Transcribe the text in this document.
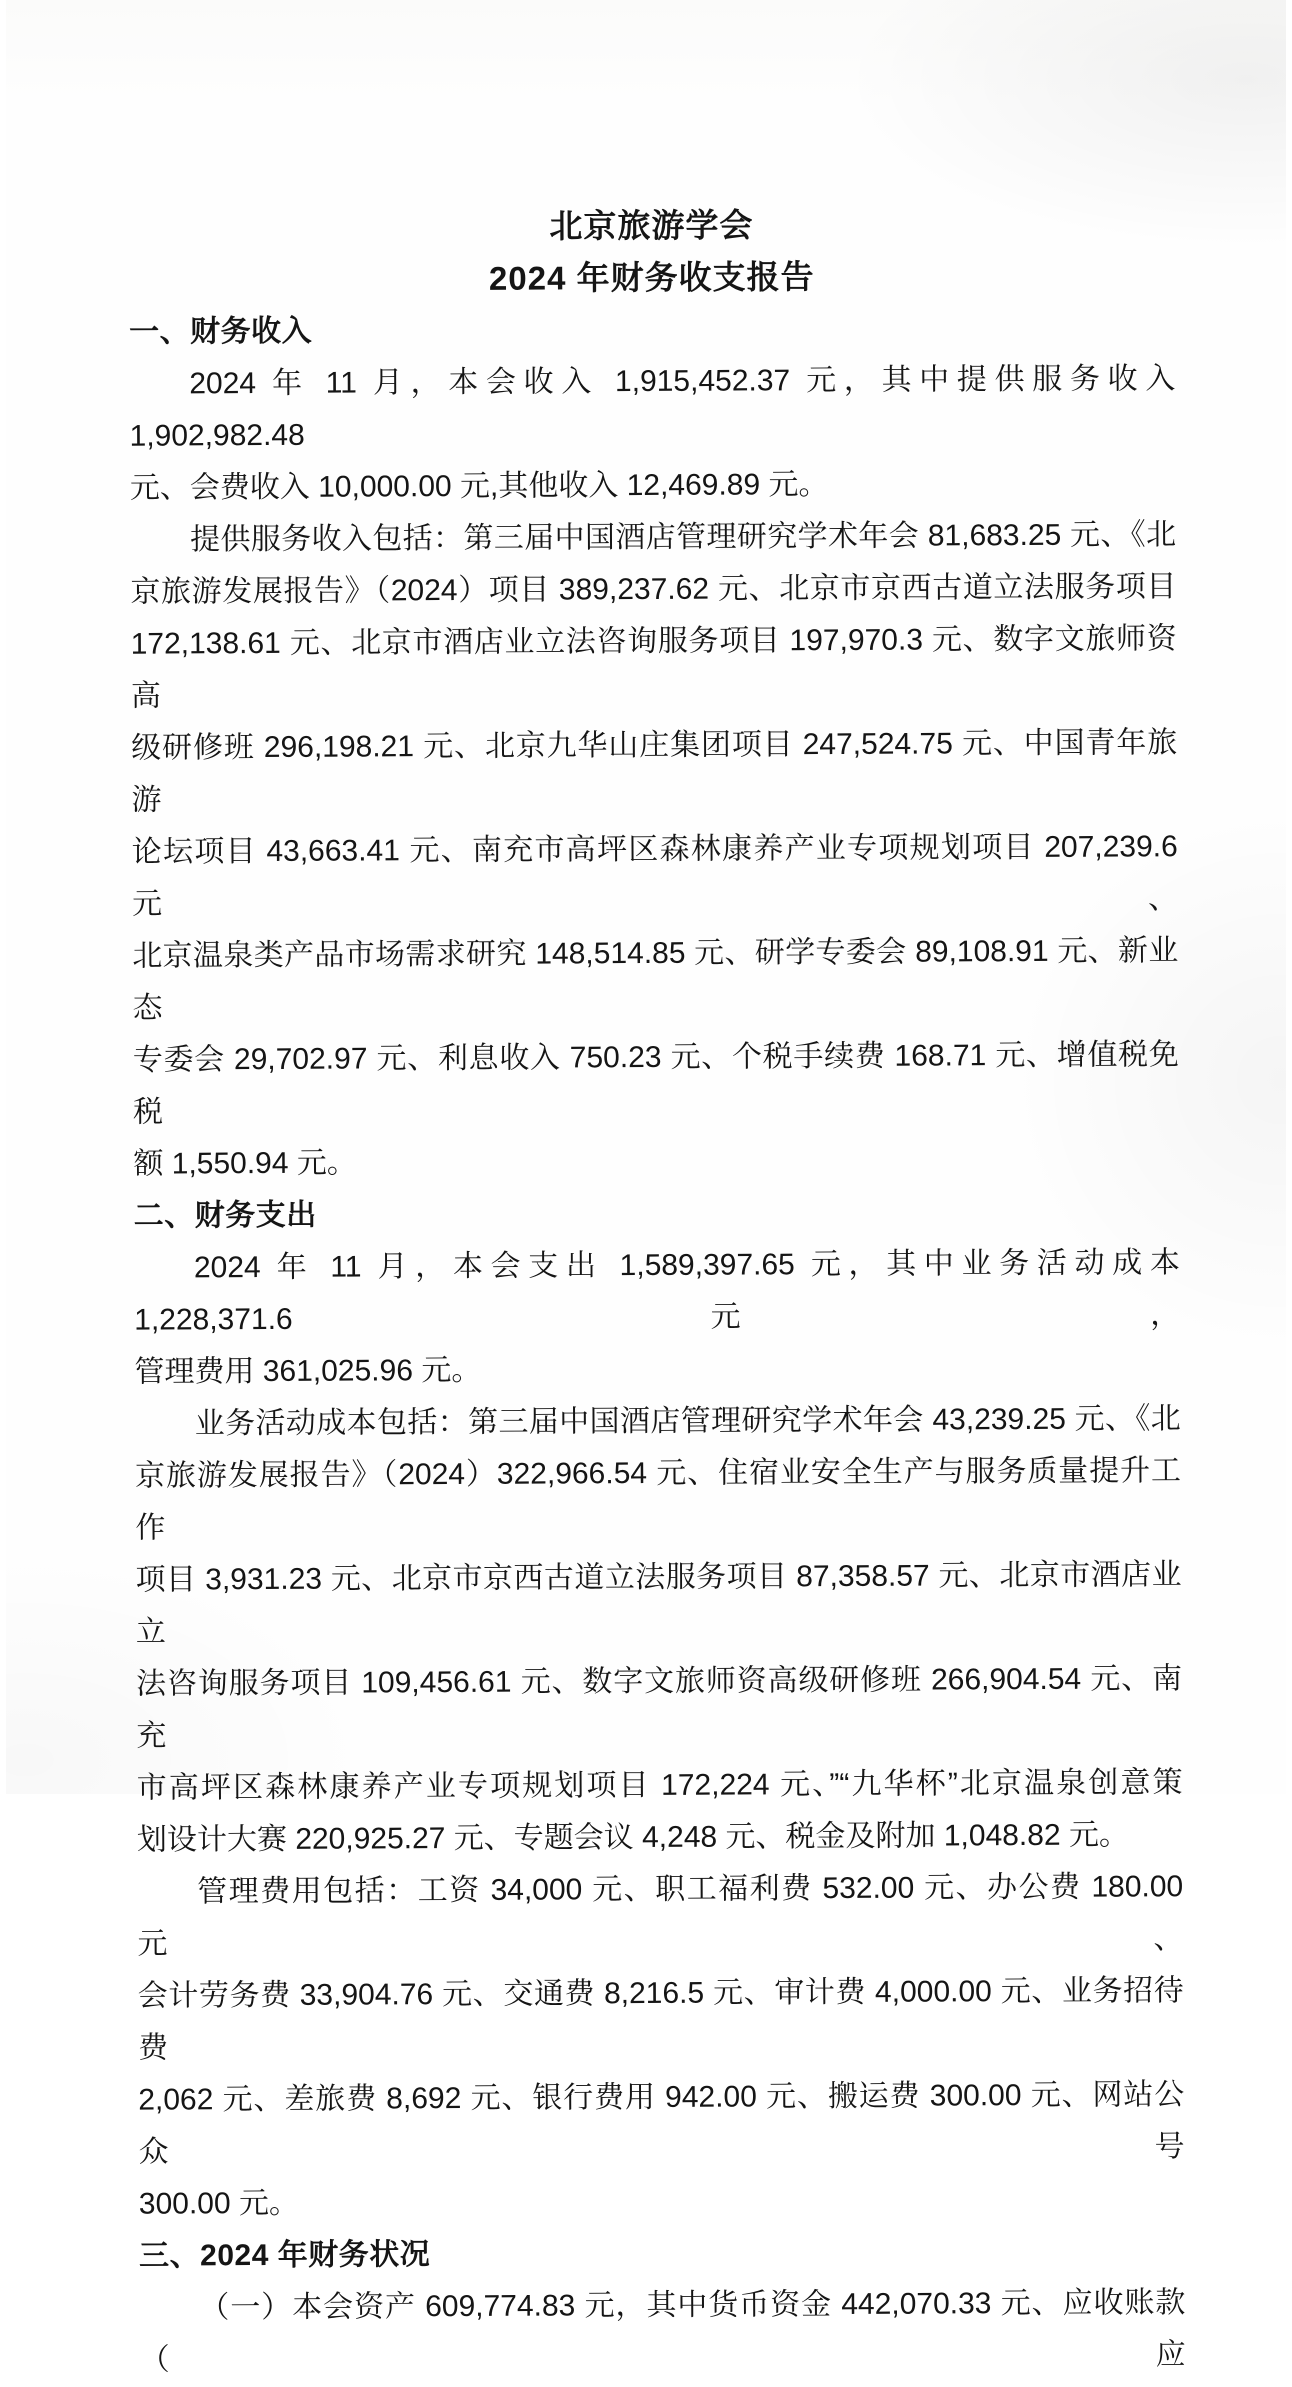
北京旅游学会
2024 年财务收支报告
一、财务收入
2024 年 11 月，本会收入 1,915,452.37 元，其中提供服务收入 1,902,982.48
元、会费收入 10,000.00 元,其他收入 12,469.89 元。
提供服务收入包括：第三届中国酒店管理研究学术年会 81,683.25 元、《北
京旅游发展报告》（2024）项目 389,237.62 元、北京市京西古道立法服务项目
172,138.61 元、北京市酒店业立法咨询服务项目 197,970.3 元、数字文旅师资高
级研修班 296,198.21 元、北京九华山庄集团项目 247,524.75 元、中国青年旅游
论坛项目 43,663.41 元、南充市高坪区森林康养产业专项规划项目 207,239.6 元、
北京温泉类产品市场需求研究 148,514.85 元、研学专委会 89,108.91 元、新业态
专委会 29,702.97 元、利息收入 750.23 元、个税手续费 168.71 元、增值税免税
额 1,550.94 元。
二、财务支出
2024 年 11 月，本会支出 1,589,397.65 元，其中业务活动成本 1,228,371.6 元，
管理费用 361,025.96 元。
业务活动成本包括：第三届中国酒店管理研究学术年会 43,239.25 元、《北
京旅游发展报告》（2024）322,966.54 元、住宿业安全生产与服务质量提升工作
项目 3,931.23 元、北京市京西古道立法服务项目 87,358.57 元、北京市酒店业立
法咨询服务项目 109,456.61 元、数字文旅师资高级研修班 266,904.54 元、南充
市高坪区森林康养产业专项规划项目 172,224 元、”“九华杯”北京温泉创意策
划设计大赛 220,925.27 元、专题会议 4,248 元、税金及附加 1,048.82 元。
管理费用包括：工资 34,000 元、职工福利费 532.00 元、办公费 180.00 元、
会计劳务费 33,904.76 元、交通费 8,216.5 元、审计费 4,000.00 元、业务招待费
2,062 元、差旅费 8,692 元、银行费用 942.00 元、搬运费 300.00 元、网站公众号
300.00 元。
三、2024 年财务状况
（一）本会资产 609,774.83 元，其中货币资金 442,070.33 元、应收账款（应
